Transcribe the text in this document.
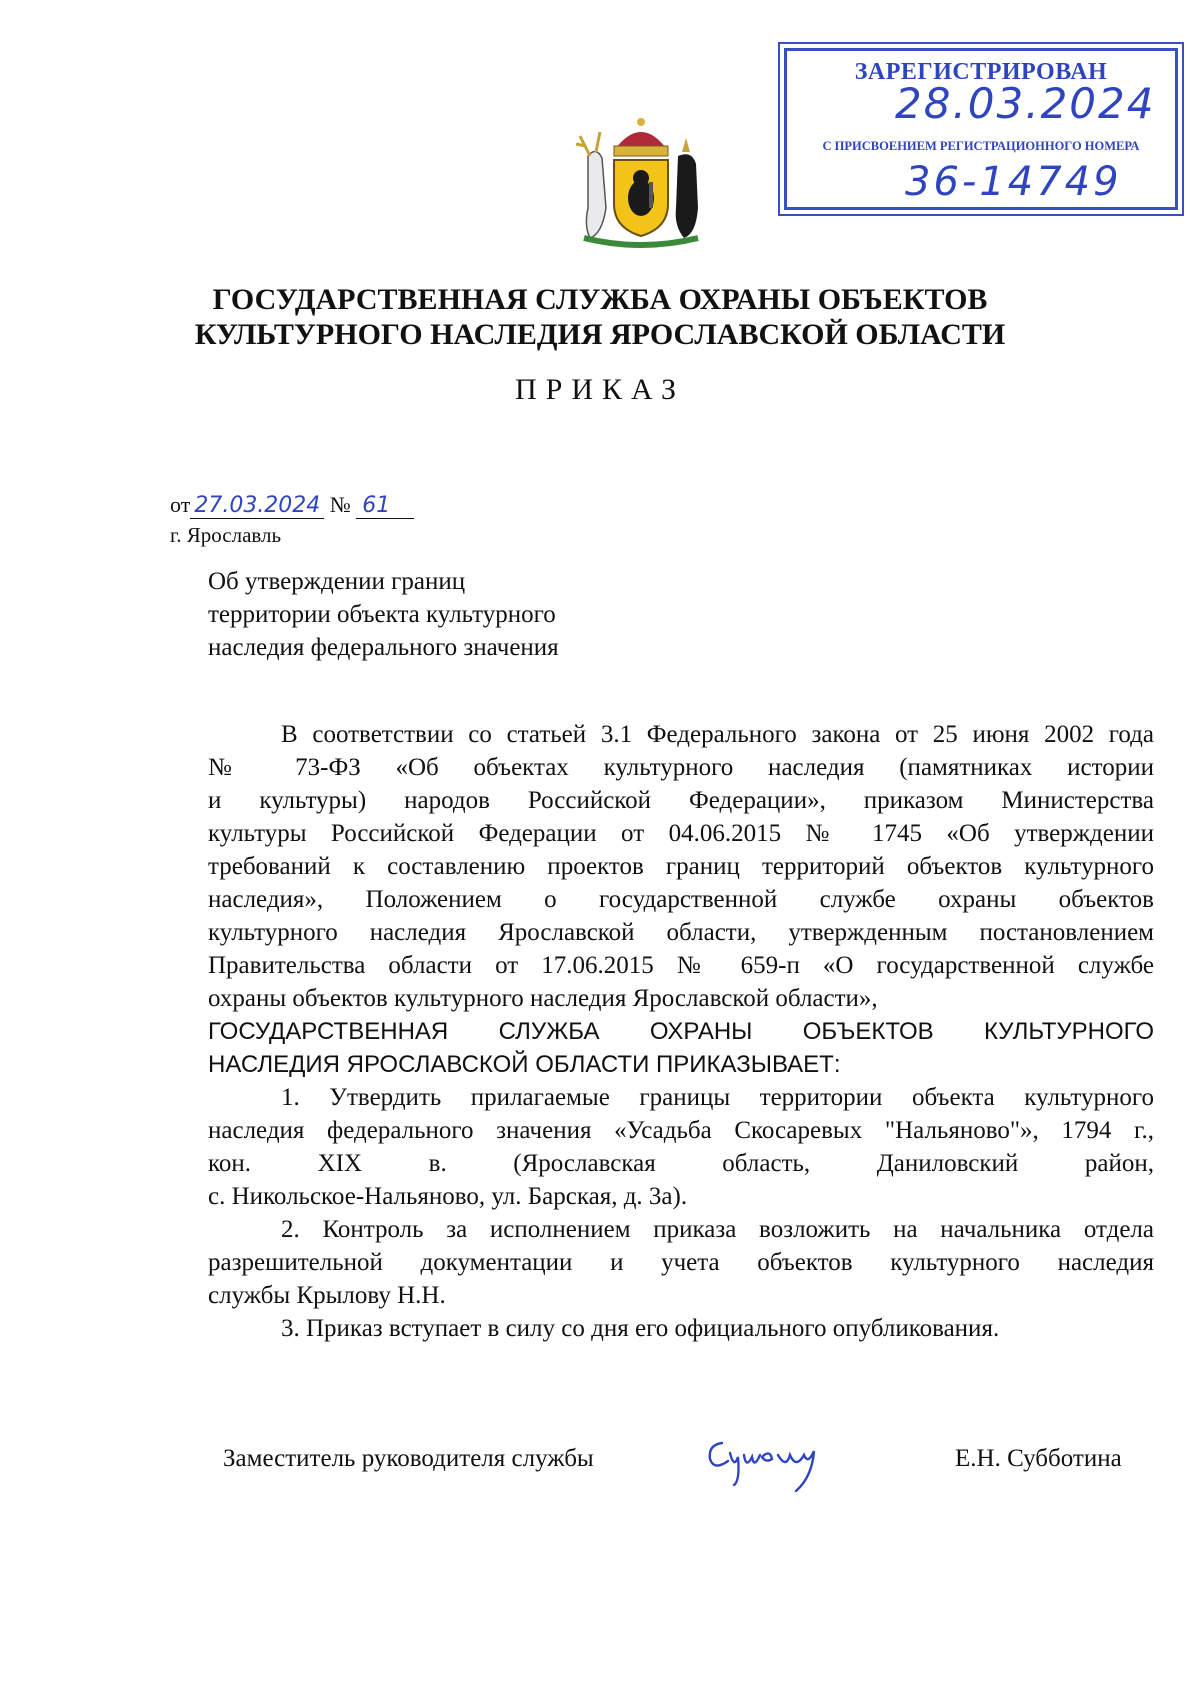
ЗАРЕГИСТРИРОВАН
28.03.2024
С ПРИСВОЕНИЕМ РЕГИСТРАЦИОННОГО НОМЕРА
36-14749
ГОСУДАРСТВЕННАЯ СЛУЖБА ОХРАНЫ ОБЪЕКТОВ
КУЛЬТУРНОГО НАСЛЕДИЯ ЯРОСЛАВСКОЙ ОБЛАСТИ
ПРИКАЗ
от 27.03.2024 № 61
г. Ярославль
Об утверждении границ
территории объекта культурного
наследия федерального значения
В соответствии со статьей 3.1 Федерального закона от 25 июня 2002 года
№ 73-ФЗ «Об объектах культурного наследия (памятниках истории
и культуры) народов Российской Федерации», приказом Министерства
культуры Российской Федерации от 04.06.2015 № 1745 «Об утверждении
требований к составлению проектов границ территорий объектов культурного
наследия», Положением о государственной службе охраны объектов
культурного наследия Ярославской области, утвержденным постановлением
Правительства области от 17.06.2015 № 659-п «О государственной службе
охраны объектов культурного наследия Ярославской области»,
ГОСУДАРСТВЕННАЯ СЛУЖБА ОХРАНЫ ОБЪЕКТОВ КУЛЬТУРНОГО
НАСЛЕДИЯ ЯРОСЛАВСКОЙ ОБЛАСТИ ПРИКАЗЫВАЕТ:
1. Утвердить прилагаемые границы территории объекта культурного
наследия федерального значения «Усадьба Скосаревых "Нальяново"», 1794 г.,
кон. XIX в. (Ярославская область, Даниловский район,
с. Никольское-Нальяново, ул. Барская, д. 3а).
2. Контроль за исполнением приказа возложить на начальника отдела
разрешительной документации и учета объектов культурного наследия
службы Крылову Н.Н.
3. Приказ вступает в силу со дня его официального опубликования.
Заместитель руководителя службы	Е.Н. Субботина
